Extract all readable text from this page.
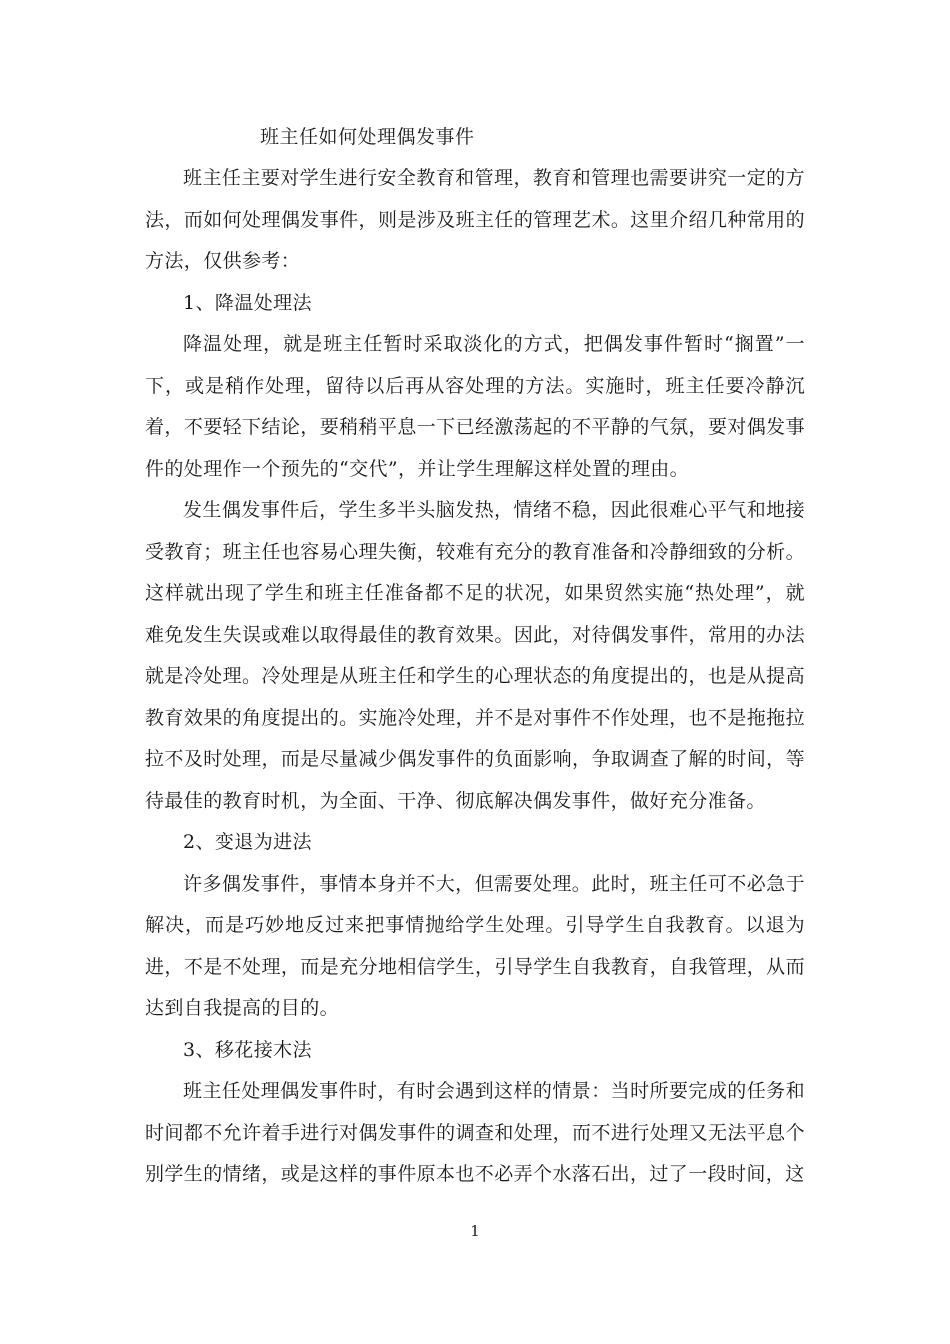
班主任如何处理偶发事件

班主任主要对学生进行安全教育和管理，教育和管理也需要讲究一定的方法，而如何处理偶发事件，则是涉及班主任的管理艺术。这里介绍几种常用的方法，仅供参考：

1、降温处理法

降温处理，就是班主任暂时采取淡化的方式，把偶发事件暂时“搁置”一下，或是稍作处理，留待以后再从容处理的方法。实施时，班主任要冷静沉着，不要轻下结论，要稍稍平息一下已经激荡起的不平静的气氛，要对偶发事件的处理作一个预先的“交代”，并让学生理解这样处置的理由。

发生偶发事件后，学生多半头脑发热，情绪不稳，因此很难心平气和地接受教育；班主任也容易心理失衡，较难有充分的教育准备和冷静细致的分析。这样就出现了学生和班主任准备都不足的状况，如果贸然实施“热处理”，就难免发生失误或难以取得最佳的教育效果。因此，对待偶发事件，常用的办法就是冷处理。冷处理是从班主任和学生的心理状态的角度提出的，也是从提高教育效果的角度提出的。实施冷处理，并不是对事件不作处理，也不是拖拖拉拉不及时处理，而是尽量减少偶发事件的负面影响，争取调查了解的时间，等待最佳的教育时机，为全面、干净、彻底解决偶发事件，做好充分准备。

2、变退为进法

许多偶发事件，事情本身并不大，但需要处理。此时，班主任可不必急于解决，而是巧妙地反过来把事情抛给学生处理。引导学生自我教育。以退为进，不是不处理，而是充分地相信学生，引导学生自我教育，自我管理，从而达到自我提高的目的。

3、移花接木法

班主任处理偶发事件时，有时会遇到这样的情景：当时所要完成的任务和时间都不允许着手进行对偶发事件的调查和处理，而不进行处理又无法平息个别学生的情绪，或是这样的事件原本也不必弄个水落石出，过了一段时间，这

1
